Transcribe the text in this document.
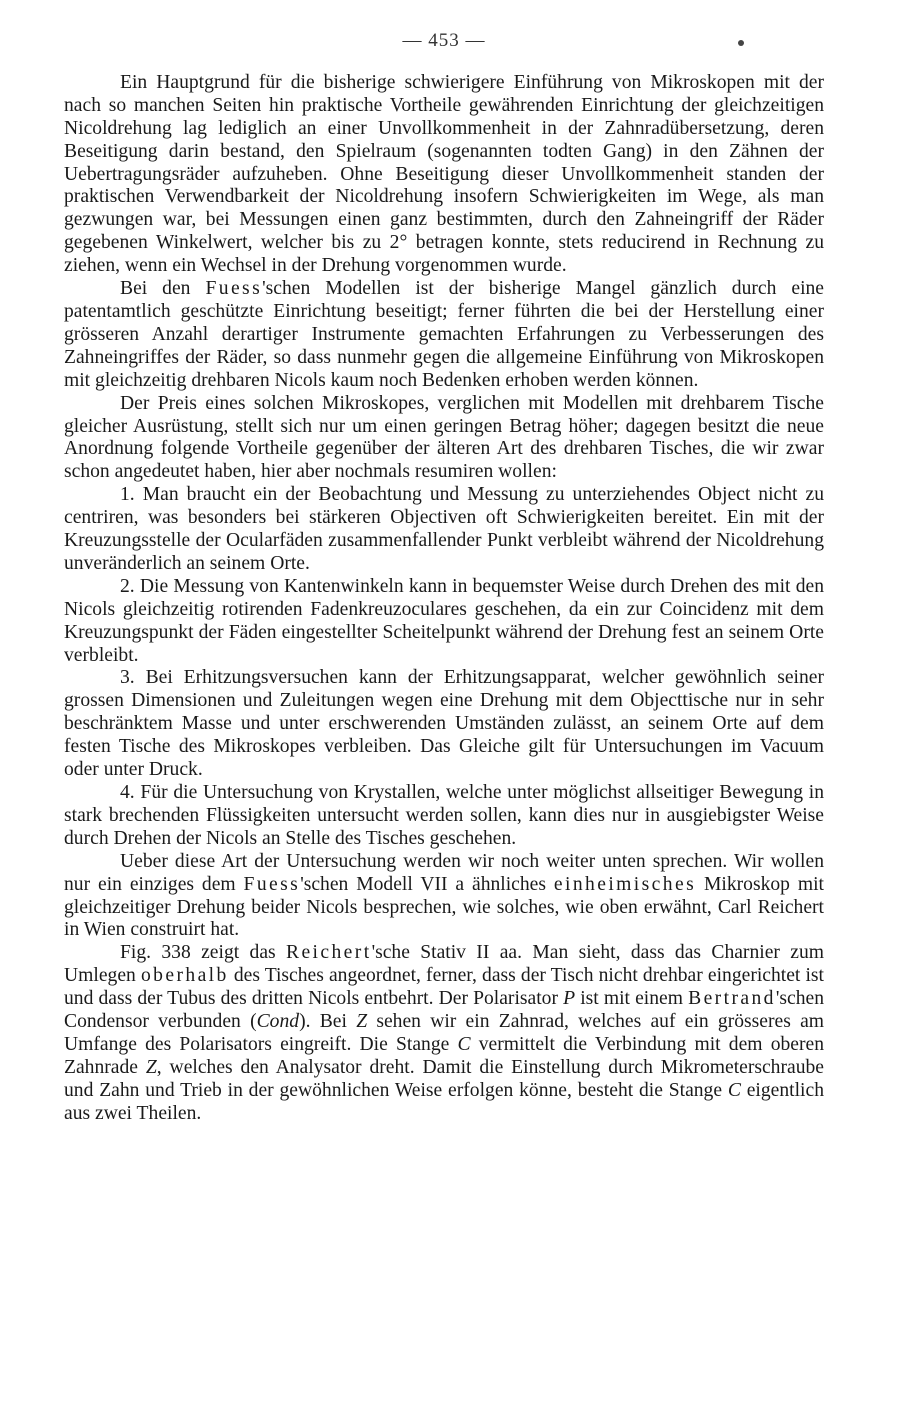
— 453 —

Ein Hauptgrund für die bisherige schwierigere Einführung von Mikroskopen mit der nach so manchen Seiten hin praktische Vortheile gewährenden Einrichtung der gleichzeitigen Nicoldrehung lag lediglich an einer Unvollkommenheit in der Zahnradübersetzung, deren Beseitigung darin bestand, den Spielraum (sogenannten todten Gang) in den Zähnen der Uebertragungsräder aufzuheben. Ohne Beseitigung dieser Unvollkommenheit standen der praktischen Verwendbarkeit der Nicoldrehung insofern Schwierigkeiten im Wege, als man gezwungen war, bei Messungen einen ganz bestimmten, durch den Zahneingriff der Räder gegebenen Winkelwert, welcher bis zu 2° betragen konnte, stets reducirend in Rechnung zu ziehen, wenn ein Wechsel in der Drehung vorgenommen wurde.

Bei den Fuess'schen Modellen ist der bisherige Mangel gänzlich durch eine patentamtlich geschützte Einrichtung beseitigt; ferner führten die bei der Herstellung einer grösseren Anzahl derartiger Instrumente gemachten Erfahrungen zu Verbesserungen des Zahneingriffes der Räder, so dass nunmehr gegen die allgemeine Einführung von Mikroskopen mit gleichzeitig drehbaren Nicols kaum noch Bedenken erhoben werden können.

Der Preis eines solchen Mikroskopes, verglichen mit Modellen mit drehbarem Tische gleicher Ausrüstung, stellt sich nur um einen geringen Betrag höher; dagegen besitzt die neue Anordnung folgende Vortheile gegenüber der älteren Art des drehbaren Tisches, die wir zwar schon angedeutet haben, hier aber nochmals resumiren wollen:

1. Man braucht ein der Beobachtung und Messung zu unterziehendes Object nicht zu centriren, was besonders bei stärkeren Objectiven oft Schwierigkeiten bereitet. Ein mit der Kreuzungsstelle der Ocularfäden zusammenfallender Punkt verbleibt während der Nicoldrehung unveränderlich an seinem Orte.

2. Die Messung von Kantenwinkeln kann in bequemster Weise durch Drehen des mit den Nicols gleichzeitig rotirenden Fadenkreuzoculares geschehen, da ein zur Coincidenz mit dem Kreuzungspunkt der Fäden eingestellter Scheitelpunkt während der Drehung fest an seinem Orte verbleibt.

3. Bei Erhitzungsversuchen kann der Erhitzungsapparat, welcher gewöhnlich seiner grossen Dimensionen und Zuleitungen wegen eine Drehung mit dem Objecttische nur in sehr beschränktem Masse und unter erschwerenden Umständen zulässt, an seinem Orte auf dem festen Tische des Mikroskopes verbleiben. Das Gleiche gilt für Untersuchungen im Vacuum oder unter Druck.

4. Für die Untersuchung von Krystallen, welche unter möglichst allseitiger Bewegung in stark brechenden Flüssigkeiten untersucht werden sollen, kann dies nur in ausgiebigster Weise durch Drehen der Nicols an Stelle des Tisches geschehen.

Ueber diese Art der Untersuchung werden wir noch weiter unten sprechen. Wir wollen nur ein einziges dem Fuess'schen Modell VII a ähnliches einheimisches Mikroskop mit gleichzeitiger Drehung beider Nicols besprechen, wie solches, wie oben erwähnt, Carl Reichert in Wien construirt hat.

Fig. 338 zeigt das Reichert'sche Stativ II aa. Man sieht, dass das Charnier zum Umlegen oberhalb des Tisches angeordnet, ferner, dass der Tisch nicht drehbar eingerichtet ist und dass der Tubus des dritten Nicols entbehrt. Der Polarisator P ist mit einem Bertrand'schen Condensor verbunden (Cond). Bei Z sehen wir ein Zahnrad, welches auf ein grösseres am Umfange des Polarisators eingreift. Die Stange C vermittelt die Verbindung mit dem oberen Zahnrade Z, welches den Analysator dreht. Damit die Einstellung durch Mikrometerschraube und Zahn und Trieb in der gewöhnlichen Weise erfolgen könne, besteht die Stange C eigentlich aus zwei Theilen.
